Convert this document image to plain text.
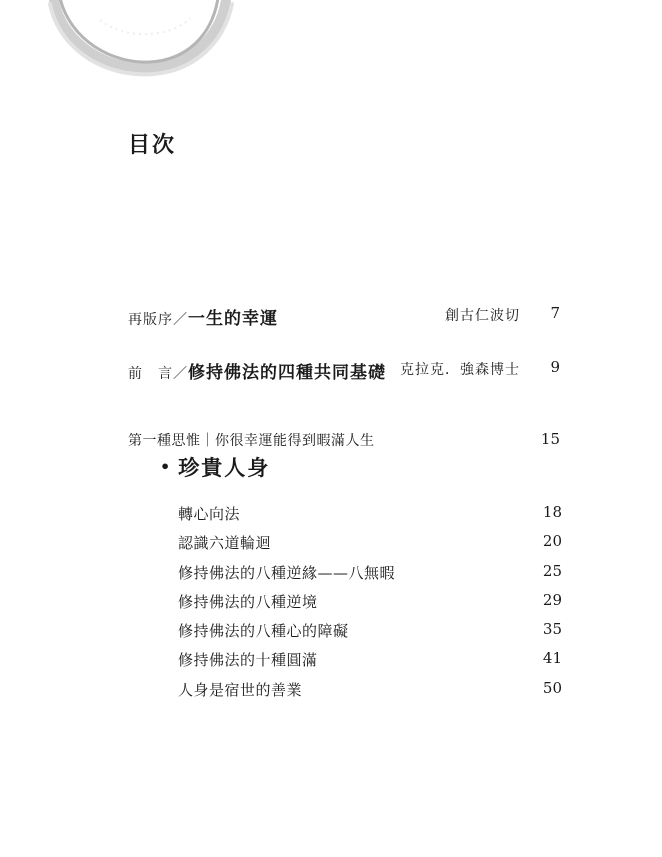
目次
再版序／一生的幸運	創古仁波切 7
前　言／修持佛法的四種共同基礎 克拉克．強森博士 9
第一種思惟｜你很幸運能得到暇滿人生	15
• 珍貴人身
轉心向法	18
認識六道輪迴	20
修持佛法的八種逆緣——八無暇	25
修持佛法的八種逆境	29
修持佛法的八種心的障礙	35
修持佛法的十種圓滿	41
人身是宿世的善業	50
